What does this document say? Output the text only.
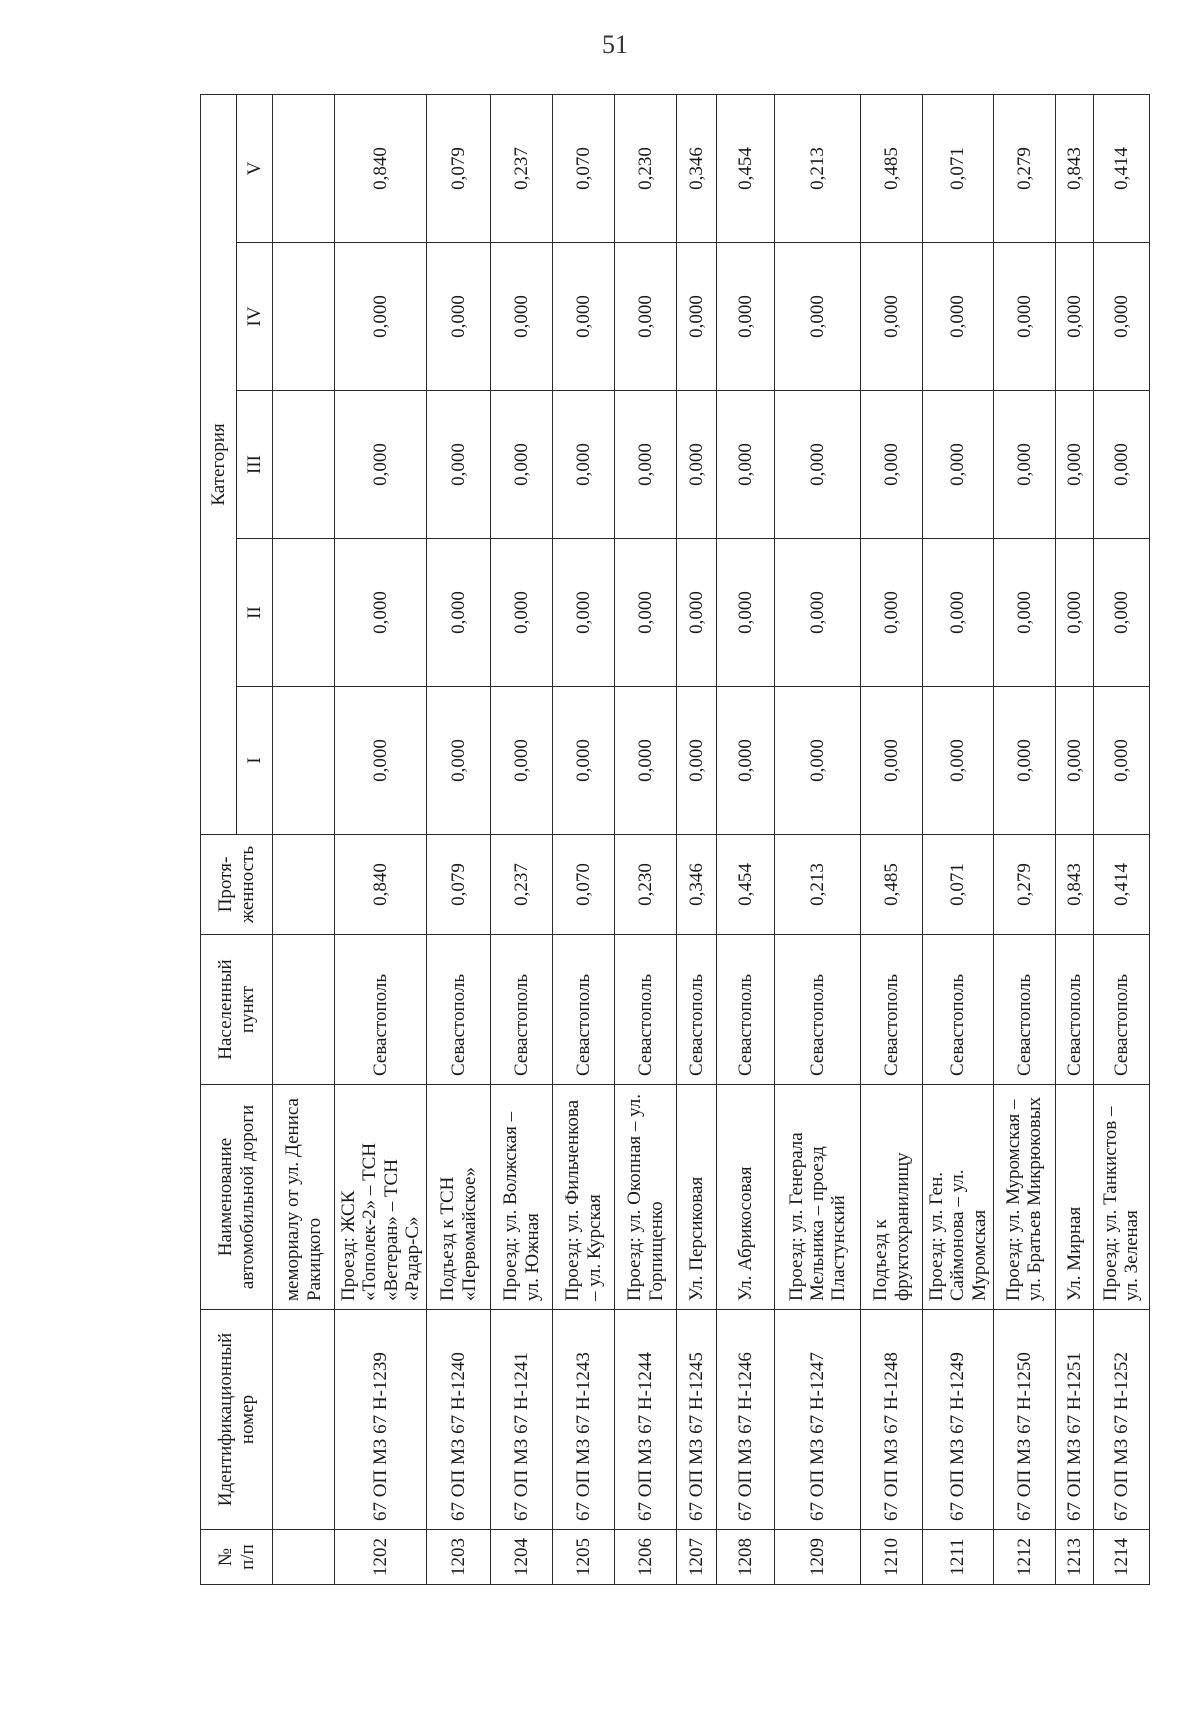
51
№ п/п	Идентификационный номер	Наименование автомобильной дороги	Населенный пункт	Протя-женность	Категория				
					I	II	III	IV	V
		мемориалу от ул. Дениса Ракицкого							
1202	67 ОП МЗ 67 Н-1239	Проезд: ЖСК «Тополек-2» – ТСН «Ветеран» – ТСН «Радар-С»	Севастополь	0,840	0,000	0,000	0,000	0,000	0,840
1203	67 ОП МЗ 67 Н-1240	Подъезд к ТСН «Первомайское»	Севастополь	0,079	0,000	0,000	0,000	0,000	0,079
1204	67 ОП МЗ 67 Н-1241	Проезд: ул. Волжская – ул. Южная	Севастополь	0,237	0,000	0,000	0,000	0,000	0,237
1205	67 ОП МЗ 67 Н-1243	Проезд: ул. Фильченкова – ул. Курская	Севастополь	0,070	0,000	0,000	0,000	0,000	0,070
1206	67 ОП МЗ 67 Н-1244	Проезд: ул. Окопная – ул. Горпищенко	Севастополь	0,230	0,000	0,000	0,000	0,000	0,230
1207	67 ОП МЗ 67 Н-1245	Ул. Персиковая	Севастополь	0,346	0,000	0,000	0,000	0,000	0,346
1208	67 ОП МЗ 67 Н-1246	Ул. Абрикосовая	Севастополь	0,454	0,000	0,000	0,000	0,000	0,454
1209	67 ОП МЗ 67 Н-1247	Проезд: ул. Генерала Мельника – проезд Пластунский	Севастополь	0,213	0,000	0,000	0,000	0,000	0,213
1210	67 ОП МЗ 67 Н-1248	Подъезд к фруктохранилищу	Севастополь	0,485	0,000	0,000	0,000	0,000	0,485
1211	67 ОП МЗ 67 Н-1249	Проезд: ул. Ген. Саймонова – ул. Муромская	Севастополь	0,071	0,000	0,000	0,000	0,000	0,071
1212	67 ОП МЗ 67 Н-1250	Проезд: ул. Муромская – ул. Братьев Микрюковых	Севастополь	0,279	0,000	0,000	0,000	0,000	0,279
1213	67 ОП МЗ 67 Н-1251	Ул. Мирная	Севастополь	0,843	0,000	0,000	0,000	0,000	0,843
1214	67 ОП МЗ 67 Н-1252	Проезд: ул. Танкистов – ул. Зеленая	Севастополь	0,414	0,000	0,000	0,000	0,000	0,414
